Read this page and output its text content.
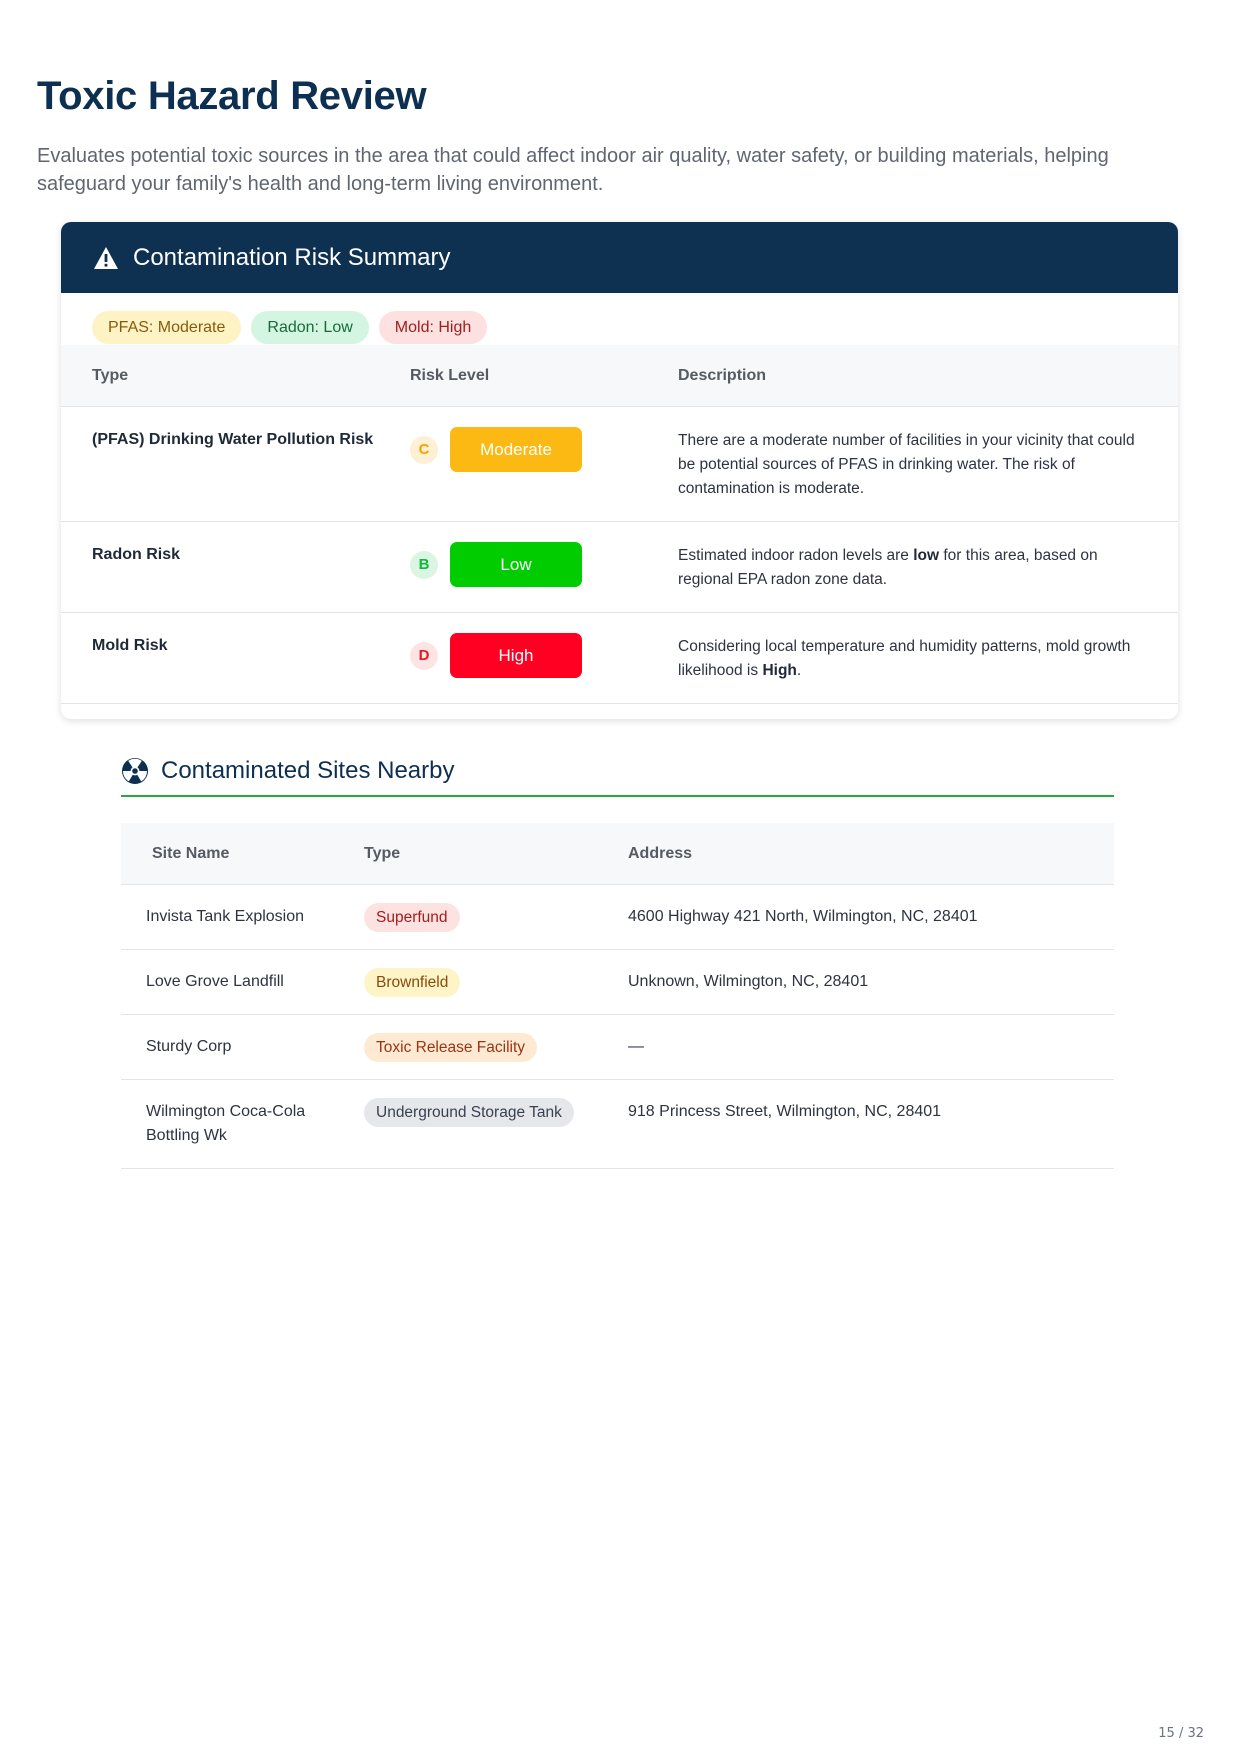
Toxic Hazard Review

Evaluates potential toxic sources in the area that could affect indoor air quality, water safety, or building materials, helping safeguard your family's health and long-term living environment.

Contamination Risk Summary
PFAS: Moderate	Radon: Low	Mold: High
Type	Risk Level	Description

(PFAS) Drinking Water Pollution Risk	C Moderate	There are a moderate number of facilities in your vicinity that could be potential sources of PFAS in drinking water. The risk of contamination is moderate.

Radon Risk	B Low	Estimated indoor radon levels are low for this area, based on regional EPA radon zone data.

Mold Risk	D High	Considering local temperature and humidity patterns, mold growth likelihood is High.
Contaminated Sites Nearby
Site Name	Type	Address
Invista Tank Explosion	Superfund	4600 Highway 421 North, Wilmington, NC, 28401
Love Grove Landfill	Brownfield	Unknown, Wilmington, NC, 28401
Sturdy Corp	Toxic Release Facility	—
Wilmington Coca-Cola Bottling Wk	Underground Storage Tank	918 Princess Street, Wilmington, NC, 28401
15 / 32
